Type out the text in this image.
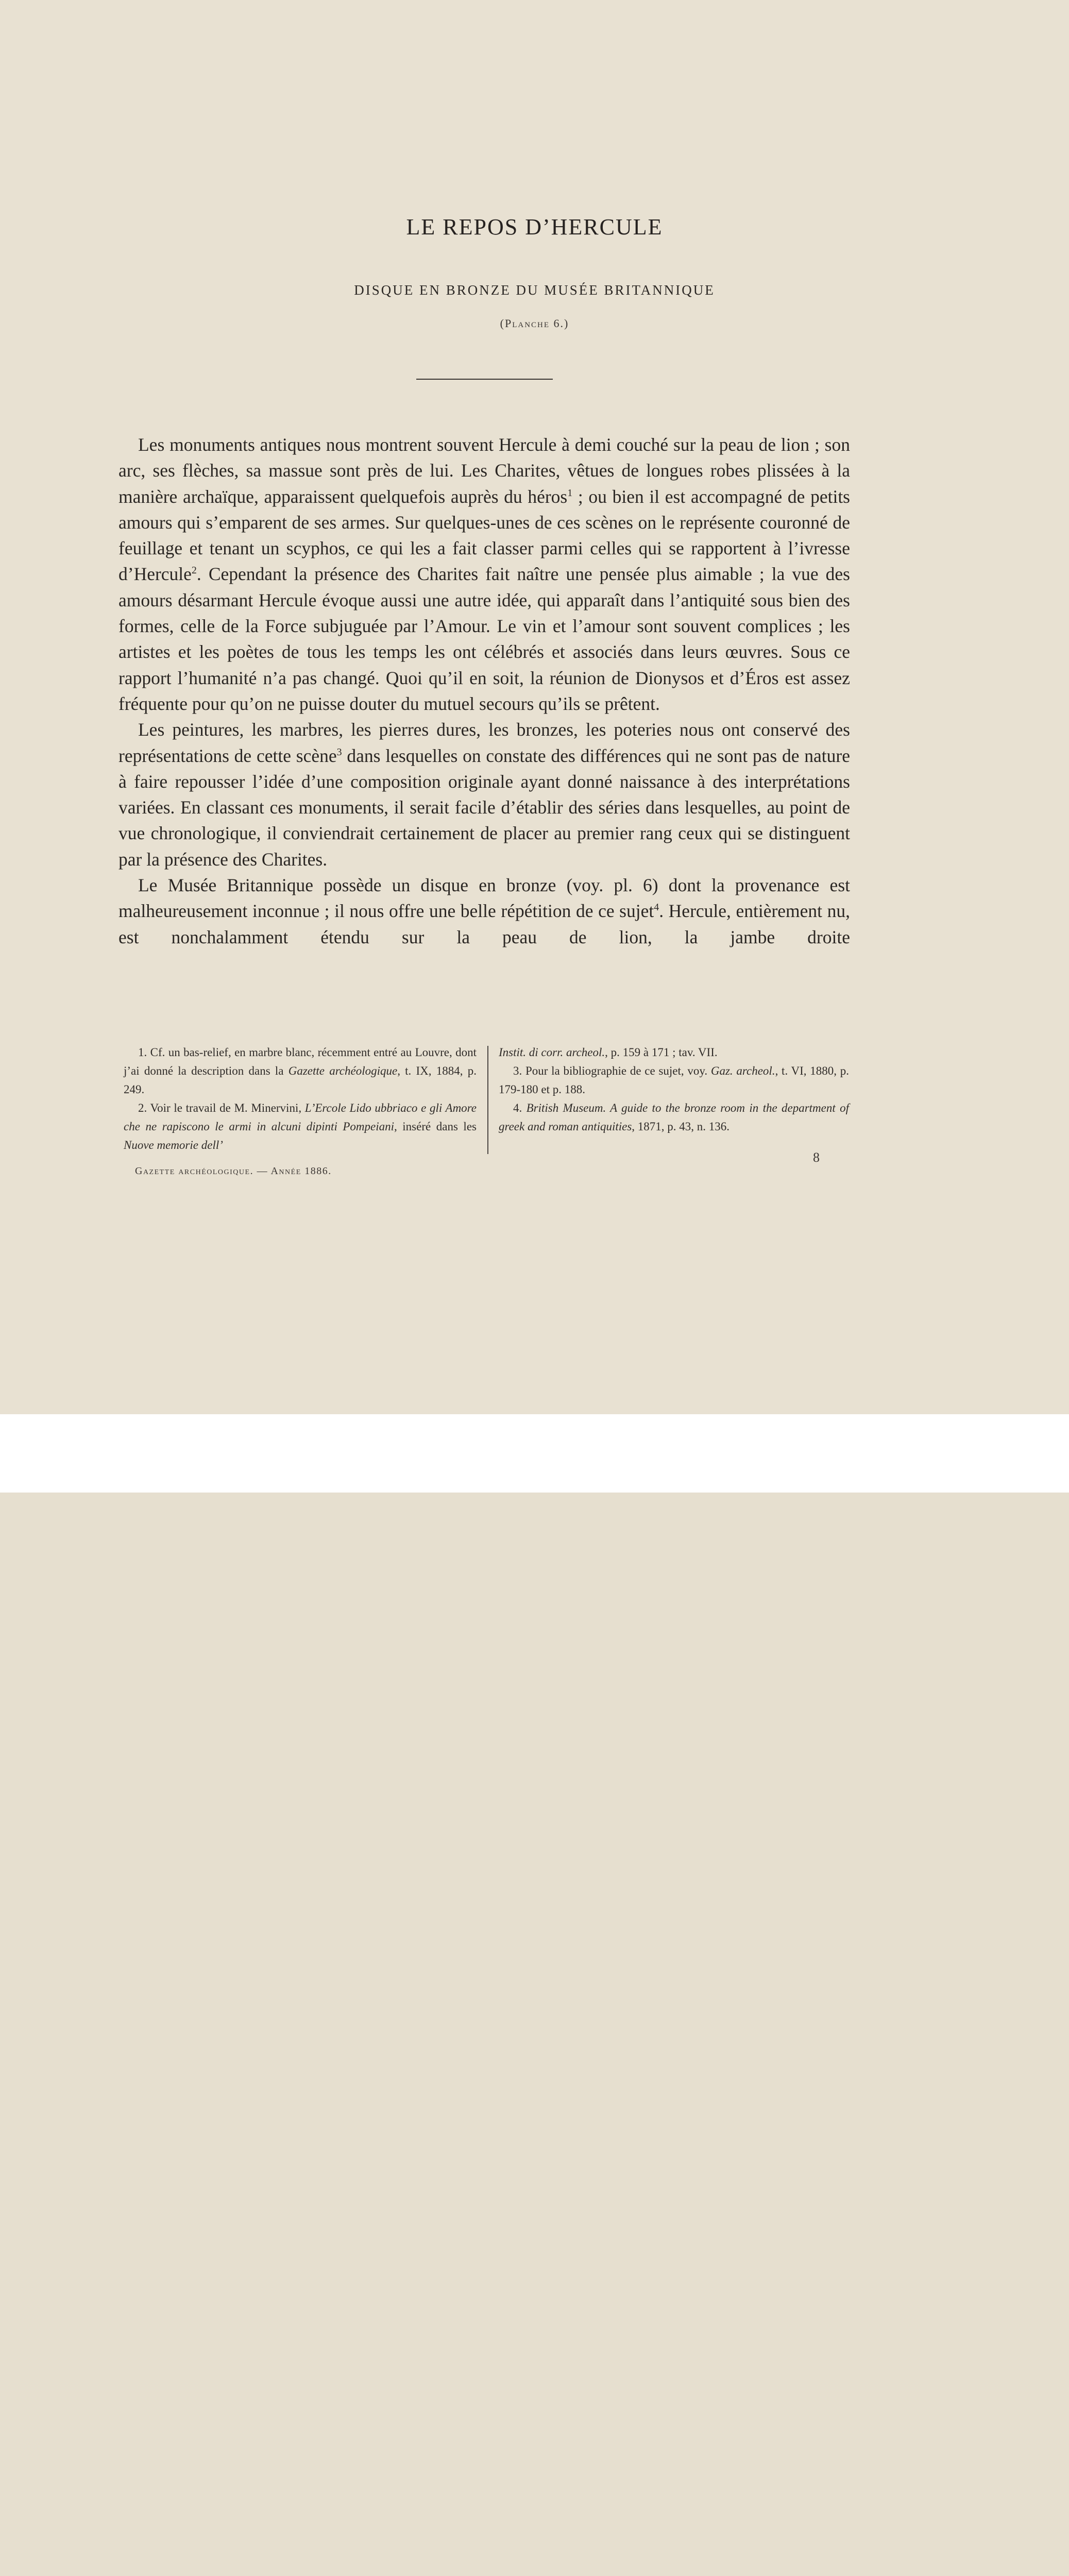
LE REPOS D’HERCULE
DISQUE EN BRONZE DU MUSÉE BRITANNIQUE
(Planche 6.)

Les monuments antiques nous montrent souvent Hercule à demi couché sur la peau de lion ; son arc, ses flèches, sa massue sont près de lui. Les Charites, vêtues de longues robes plissées à la manière archaïque, apparaissent quelquefois auprès du héros$^1$ ; ou bien il est accompagné de petits amours qui s’emparent de ses armes. Sur quelques-unes de ces scènes on le représente couronné de feuillage et tenant un scyphos, ce qui les a fait classer parmi celles qui se rapportent à l’ivresse d’Hercule$^2$. Cependant la présence des Charites fait naître une pensée plus aimable ; la vue des amours désarmant Hercule évoque aussi une autre idée, qui apparaît dans l’antiquité sous bien des formes, celle de la Force subjuguée par l’Amour. Le vin et l’amour sont souvent complices ; les artistes et les poètes de tous les temps les ont célébrés et associés dans leurs œuvres. Sous ce rapport l’humanité n’a pas changé. Quoi qu’il en soit, la réunion de Dionysos et d’Éros est assez fréquente pour qu’on ne puisse douter du mutuel secours qu’ils se prêtent.

Les peintures, les marbres, les pierres dures, les bronzes, les poteries nous ont conservé des représentations de cette scène$^3$ dans lesquelles on constate des différences qui ne sont pas de nature à faire repousser l’idée d’une composition originale ayant donné naissance à des interprétations variées. En classant ces monuments, il serait facile d’établir des séries dans lesquelles, au point de vue chronologique, il conviendrait certainement de placer au premier rang ceux qui se distinguent par la présence des Charites.

Le Musée Britannique possède un disque en bronze (voy. pl. 6) dont la provenance est malheureusement inconnue ; il nous offre une belle répétition de ce sujet$^4$. Hercule, entièrement nu, est nonchalamment étendu sur la peau de lion, la jambe droite

1. Cf. un bas-relief, en marbre blanc, récemment entré au Louvre, dont j’ai donné la description dans la Gazette archéologique, t. IX, 1884, p. 249.

2. Voir le travail de M. Minervini, L’Ercole Lido ubbriaco e gli Amore che ne rapiscono le armi in alcuni dipinti Pompeiani, inséré dans les Nuove memorie dell’

Instit. di corr. archeol., p. 159 à 171 ; tav. VII.

3. Pour la bibliographie de ce sujet, voy. Gaz. archeol., t. VI, 1880, p. 179-180 et p. 188.

4. British Museum. A guide to the bronze room in the department of greek and roman antiquities, 1871, p. 43, n. 136.

Gazette archéologique. — Année 1886.
8
